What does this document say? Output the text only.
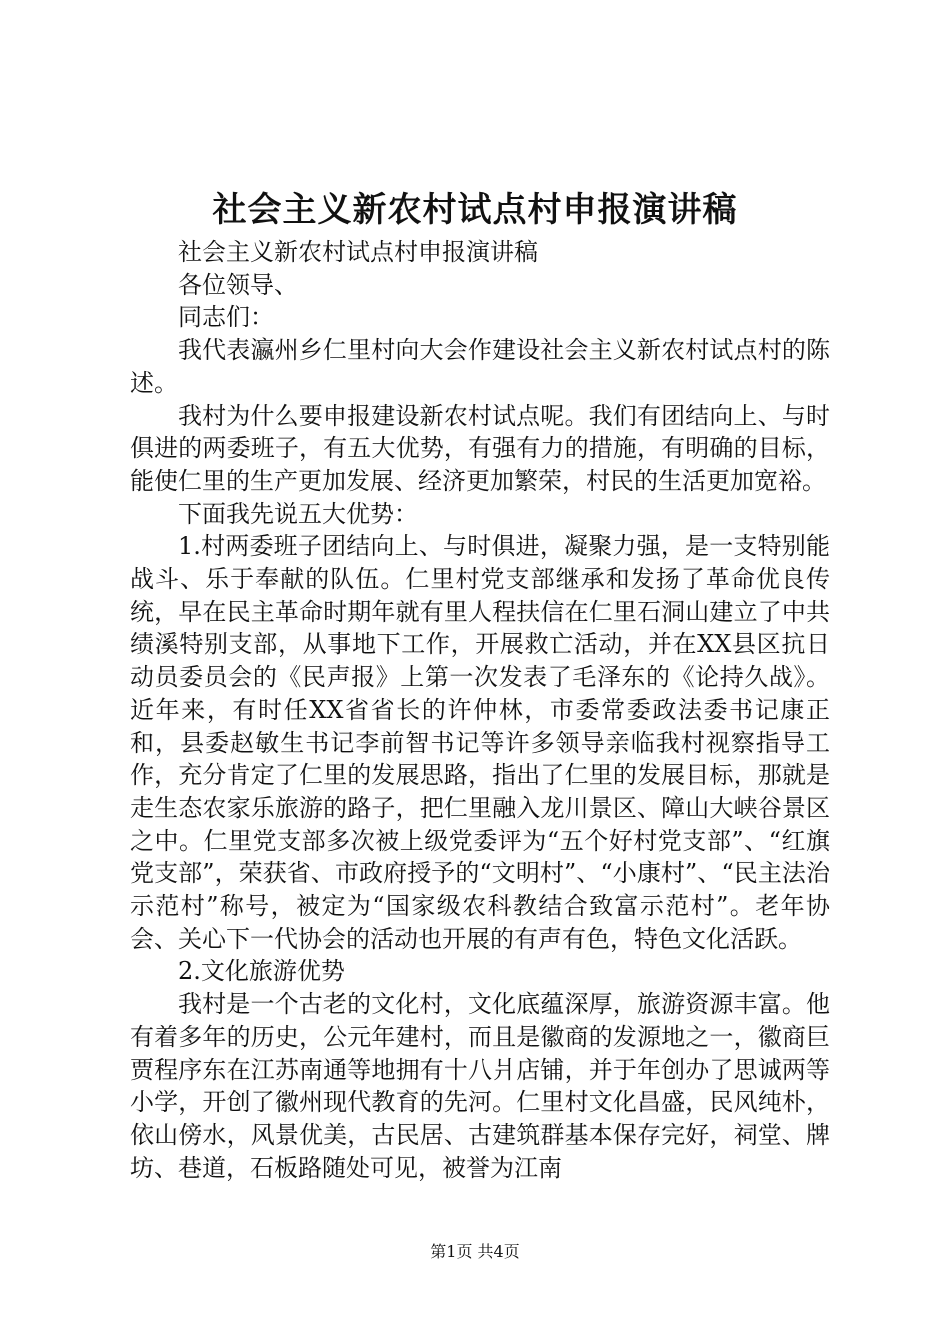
社会主义新农村试点村申报演讲稿

社会主义新农村试点村申报演讲稿

各位领导、

同志们：

我代表瀛州乡仁里村向大会作建设社会主义新农村试点村的陈述。

我村为什么要申报建设新农村试点呢。我们有团结向上、与时俱进的两委班子，有五大优势，有强有力的措施，有明确的目标，能使仁里的生产更加发展、经济更加繁荣，村民的生活更加宽裕。

下面我先说五大优势：

1.村两委班子团结向上、与时俱进，凝聚力强，是一支特别能战斗、乐于奉献的队伍。仁里村党支部继承和发扬了革命优良传统，早在民主革命时期年就有里人程扶信在仁里石洞山建立了中共绩溪特别支部，从事地下工作，开展救亡活动，并在XX县区抗日动员委员会的《民声报》上第一次发表了毛泽东的《论持久战》。近年来，有时任XX省省长的许仲林，市委常委政法委书记康正和，县委赵敏生书记李前智书记等许多领导亲临我村视察指导工作，充分肯定了仁里的发展思路，指出了仁里的发展目标，那就是走生态农家乐旅游的路子，把仁里融入龙川景区、障山大峡谷景区之中。仁里党支部多次被上级党委评为“五个好村党支部”、“红旗党支部”，荣获省、市政府授予的“文明村”、“小康村”、“民主法治示范村”称号，被定为“国家级农科教结合致富示范村”。老年协会、关心下一代协会的活动也开展的有声有色，特色文化活跃。

2.文化旅游优势

我村是一个古老的文化村，文化底蕴深厚，旅游资源丰富。他有着多年的历史，公元年建村，而且是徽商的发源地之一，徽商巨贾程序东在江苏南通等地拥有十八爿店铺，并于年创办了思诚两等小学，开创了徽州现代教育的先河。仁里村文化昌盛，民风纯朴，依山傍水，风景优美，古民居、古建筑群基本保存完好，祠堂、牌坊、巷道，石板路随处可见，被誉为江南

第1页 共4页
